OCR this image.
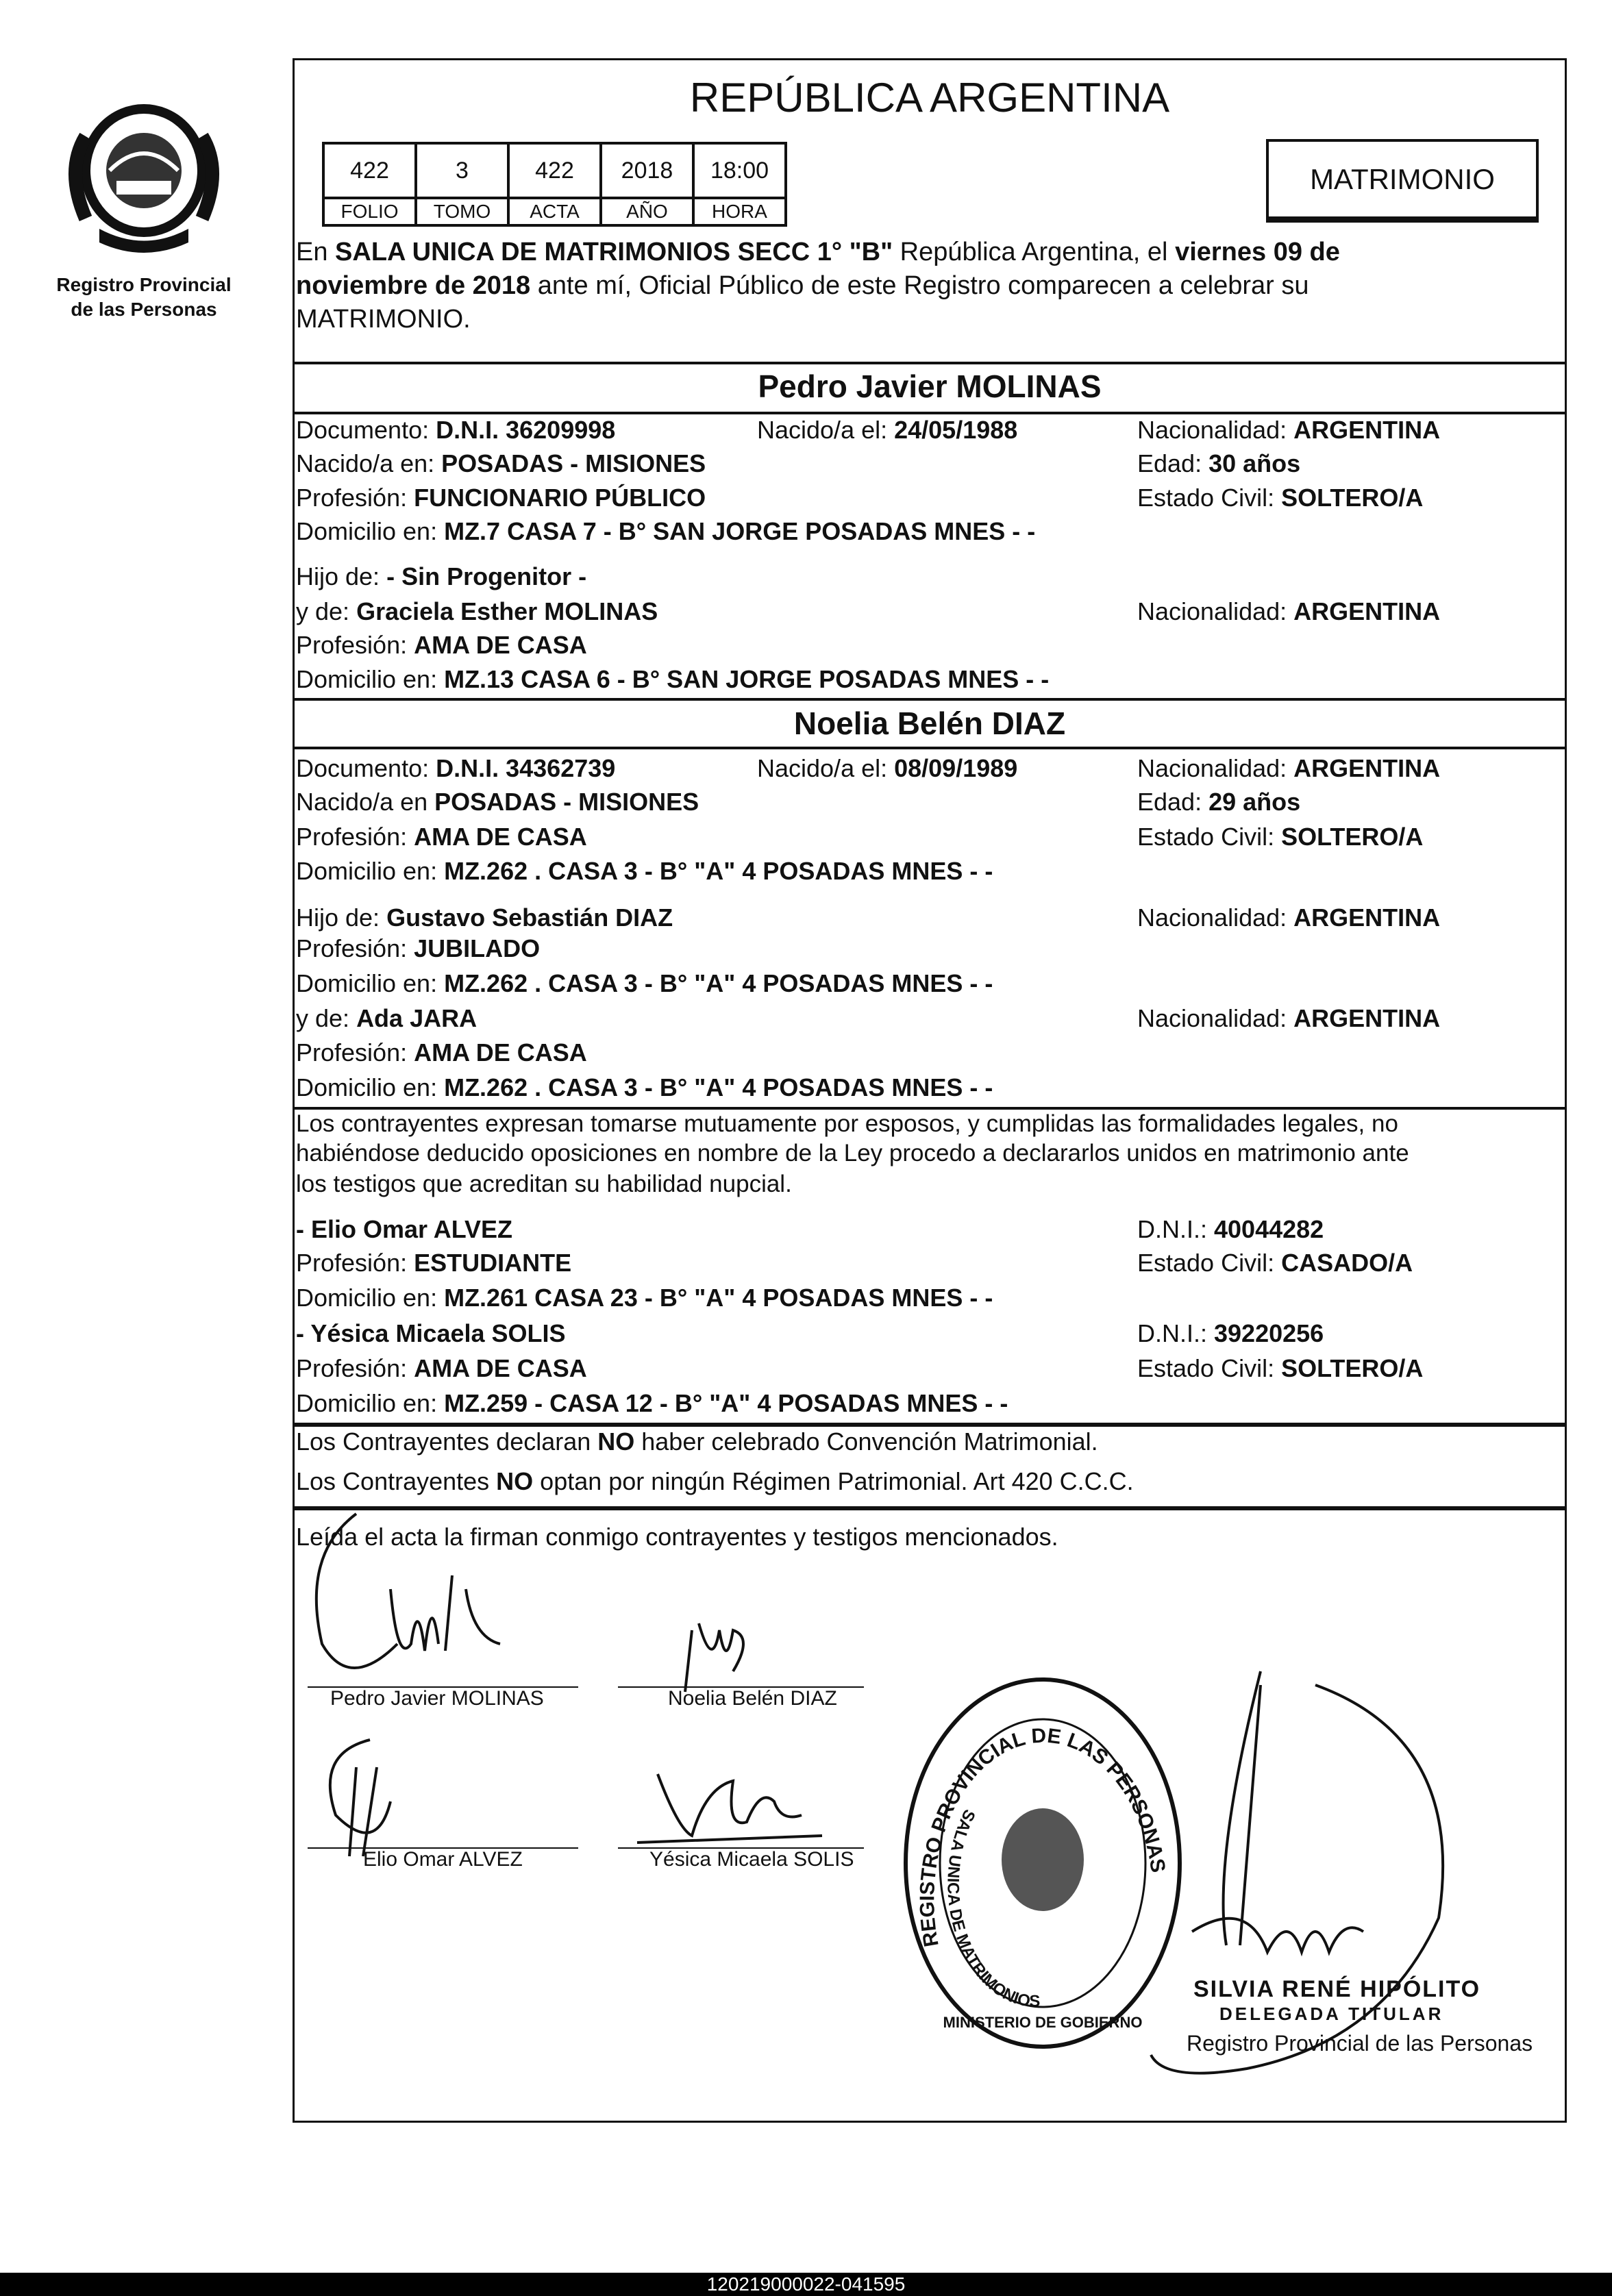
Registro Provincial
de las Personas
REPÚBLICA ARGENTINA
422	3	422	2018	18:00
FOLIO	TOMO	ACTA	AÑO	HORA
MATRIMONIO
En SALA UNICA DE MATRIMONIOS SECC 1° "B" República Argentina, el viernes 09 de
noviembre de 2018 ante mí, Oficial Público de este Registro comparecen a celebrar su
MATRIMONIO.
Pedro Javier MOLINAS
Documento: D.N.I. 36209998	Nacido/a el: 24/05/1988	Nacionalidad: ARGENTINA
Nacido/a en: POSADAS - MISIONES	Edad: 30 años
Profesión: FUNCIONARIO PÚBLICO	Estado Civil: SOLTERO/A
Domicilio en: MZ.7 CASA 7 - B° SAN JORGE POSADAS MNES - -
Hijo de: - Sin Progenitor -
y de: Graciela Esther MOLINAS	Nacionalidad: ARGENTINA
Profesión: AMA DE CASA
Domicilio en: MZ.13 CASA 6 - B° SAN JORGE POSADAS MNES - -
Noelia Belén DIAZ
Documento: D.N.I. 34362739	Nacido/a el: 08/09/1989	Nacionalidad: ARGENTINA
Nacido/a en POSADAS - MISIONES	Edad: 29 años
Profesión: AMA DE CASA	Estado Civil: SOLTERO/A
Domicilio en: MZ.262 . CASA 3 - B° "A" 4 POSADAS MNES - -
Hijo de: Gustavo Sebastián DIAZ	Nacionalidad: ARGENTINA
Profesión: JUBILADO
Domicilio en: MZ.262 . CASA 3 - B° "A" 4 POSADAS MNES - -
y de: Ada JARA	Nacionalidad: ARGENTINA
Profesión: AMA DE CASA
Domicilio en: MZ.262 . CASA 3 - B° "A" 4 POSADAS MNES - -
Los contrayentes expresan tomarse mutuamente por esposos, y cumplidas las formalidades legales, no
habiéndose deducido oposiciones en nombre de la Ley procedo a declararlos unidos en matrimonio ante
los testigos que acreditan su habilidad nupcial.
- Elio Omar ALVEZ	D.N.I.: 40044282
Profesión: ESTUDIANTE	Estado Civil: CASADO/A
Domicilio en: MZ.261 CASA 23 - B° "A" 4 POSADAS MNES - -
- Yésica Micaela SOLIS	D.N.I.: 39220256
Profesión: AMA DE CASA	Estado Civil: SOLTERO/A
Domicilio en: MZ.259 - CASA 12 - B° "A" 4 POSADAS MNES - -
Los Contrayentes declaran NO haber celebrado Convención Matrimonial.
Los Contrayentes NO optan por ningún Régimen Patrimonial. Art 420 C.C.C.
Leída el acta la firman conmigo contrayentes y testigos mencionados.
Pedro Javier MOLINAS	Noelia Belén DIAZ
Elio Omar ALVEZ	Yésica Micaela SOLIS
REGISTRO PROVINCIAL DE LAS PERSONAS
SALA UNICA DE MATRIMONIOS
MINISTERIO DE GOBIERNO
SILVIA RENÉ HIPÓLITO
DELEGADA TITULAR
Registro Provincial de las Personas
120219000022-041595
